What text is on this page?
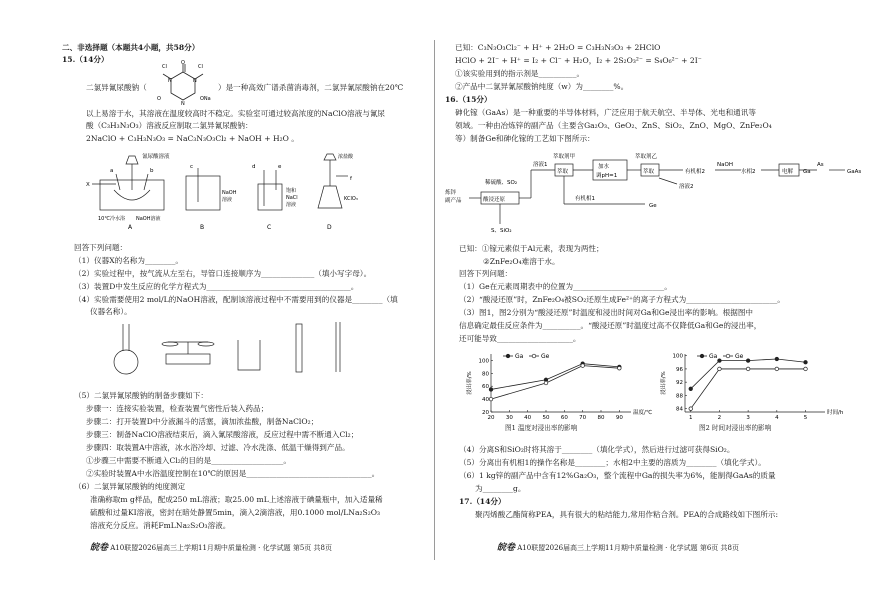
二、非选择题（本题共4小题，共58分）
15.（14分）
二氯异氰尿酸钠（
O
Cl	Cl
N	N
N
O	ONa
）是一种高效广谱杀菌消毒剂，二氯异氰尿酸钠在20℃
以上易溶于水，其溶液在温度较高时不稳定。实验室可通过较高浓度的NaClO溶液与氰尿
酸（C₃H₃N₃O₃）溶液反应制取二氯异氰尿酸钠：
2NaClO + C₃H₃N₃O₃ = NaC₃N₃O₃Cl₂ + NaOH + H₂O 。
氰尿酸溶液
a	b
X
10℃冷水浴 NaOH溶液
A
c
NaOH
溶液
B
d	e
饱和
NaCl
溶液
C
浓盐酸
f
KClO₃
D
回答下列问题：
（1）仪器X的名称为________。
（2）实验过程中，按气流从左至右，导管口连接顺序为______________（填小写字母）。
（3）装置D中发生反应的化学方程式为______________________________________。
（4）实验需要使用2 mol/L的NaOH溶液，配制该溶液过程中不需要用到的仪器是________（填
仪器名称）。
（5）二氯异氰尿酸钠的制备步骤如下：
步骤一：连接实验装置，检查装置气密性后装入药品；
步骤二：打开装置D中分液漏斗的活塞，滴加浓盐酸，制备NaClO₂；
步骤三：制备NaClO溶液结束后，滴入氰尿酸溶液，反应过程中需不断通入Cl₂；
步骤四：取装置A中溶液，冰水浴冷却、过滤、冷水洗涤、低温干燥得到产品。
①步骤三中需要不断通入Cl₂的目的是___________________。
②实验时装置A中水浴温度控制在10℃的原因是_________________________________。
（6）二氯异氰尿酸钠的纯度测定
准确称取m g样品，配成250 mL溶液；取25.00 mL上述溶液于碘量瓶中，加入适量稀
硫酸和过量KI溶液，密封在暗处静置5min，滴入2滴溶液，用0.1000 mol/LNa₂S₂O₃
溶液充分反应。消耗FmLNa₂S₂O₃溶液。
皖卷 A10联盟2026届高三上学期11月期中质量检测 · 化学试题 第5页 共8页
已知：C₃N₃O₃Cl₂⁻ + H⁺ + 2H₂O = C₃H₃N₃O₃ + 2HClO
HClO + 2I⁻ + H⁺ = I₂ + Cl⁻ + H₂O，I₂ + 2S₂O₃²⁻ = S₄O₆²⁻ + 2I⁻
①该实验用到的指示剂是__________。
②产品中二氯异氰尿酸钠纯度（w）为________%。
16.（15分）
砷化镓（GaAs）是一种重要的半导体材料，广泛应用于航天航空、半导体、光电和通讯等
领域。一种由冶炼锌的副产品（主要含Ga₂O₃、GeO₂、ZnS、SiO₂、ZnO、MgO、ZnFe₂O₄
等）制备Ge和砷化镓的工艺如下图所示：
炼锌
副产品
稀硫酸、SO₂
酸浸还原
溶液1
萃取剂甲
萃取
加水
调pH=1
萃取剂乙
萃取	有机相2
溶液2
NaOH
水相2	电解 Ga
As
GaAs
有机相1
Ge
S、SiO₂
已知：①镓元素似于Al元素，表现为两性；
②ZnFe₂O₄难溶于水。
回答下列问题：
（1）Ge在元素周期表中的位置为________________________。
（2）“酸浸还原”时，ZnFe₂O₄被SO₂还原生成Fe²⁺的离子方程式为________________________。
（3）图1，图2分别为“酸浸还原”时温度和浸出时间对Ga和Ge浸出率的影响。根据图中
信息确定最佳反应条件为__________。“酸浸还原”时温度过高不仅降低Ga和Ge的浸出率，
还可能导致____________________。
20 30 40 50 60 70 80 90
20
40
60
80
100
浸出率/%
温度/℃
Ga	Ge
1	2	3	4	5
84
88
92
96
100
浸出率/%
时间/h
Ga	Ge
图1 温度对浸出率的影响	图2 时间对浸出率的影响
（4）分离S和SiO₂时将其溶于________（填化学式），然后进行过滤可获得SiO₂。
（5）分离出有机相1的操作名称是________；水相2中主要的溶质为________（填化学式）。
（6）1 kg锌的副产品中含有12%Ga₂O₃，整个流程中Ga的损失率为6%，能制得GaAs的质量
为________g。
17.（14分）
聚丙烯酸乙酯简称PEA，具有很大的粘结能力,常用作粘合剂。PEA的合成路线如下图所示:
皖卷 A10联盟2026届高三上学期11月期中质量检测 · 化学试题 第6页 共8页
